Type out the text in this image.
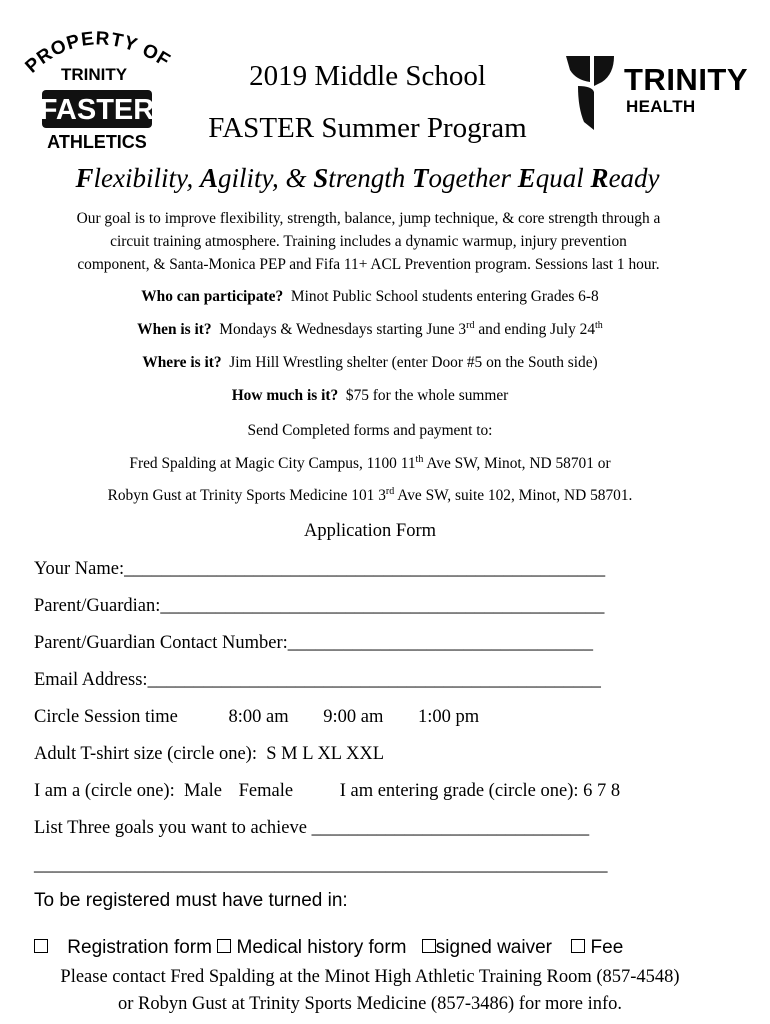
PROPERTY OF
TRINITY
FASTER
ATHLETICS
TRINITY
HEALTH
2019 Middle School
FASTER Summer Program
Flexibility, Agility, & Strength Together Equal Ready
Our goal is to improve flexibility, strength, balance, jump technique, & core strength through a
circuit training atmosphere. Training includes a dynamic warmup, injury prevention
component, & Santa-Monica PEP and Fifa 11+ ACL Prevention program. Sessions last 1 hour.
Who can participate? Minot Public School students entering Grades 6-8
When is it? Mondays & Wednesdays starting June 3rd and ending July 24th
Where is it? Jim Hill Wrestling shelter (enter Door #5 on the South side)
How much is it? $75 for the whole summer
Send Completed forms and payment to:
Fred Spalding at Magic City Campus, 1100 11th Ave SW, Minot, ND 58701 or
Robyn Gust at Trinity Sports Medicine 101 3rd Ave SW, suite 102, Minot, ND 58701.
Application Form
Your Name:____________________________________________________
Parent/Guardian:________________________________________________
Parent/Guardian Contact Number:_________________________________
Email Address:_________________________________________________
Circle Session time	8:00 am 9:00 am 1:00 pm
Adult T-shirt size (circle one): S M L XL XXL
I am a (circle one): Male Female	I am entering grade (circle one): 6 7 8
List Three goals you want to achieve ______________________________
______________________________________________________________
To be registered must have turned in:
Registration form Medical history form signed waiver Fee
Please contact Fred Spalding at the Minot High Athletic Training Room (857-4548)
or Robyn Gust at Trinity Sports Medicine (857-3486) for more info.
